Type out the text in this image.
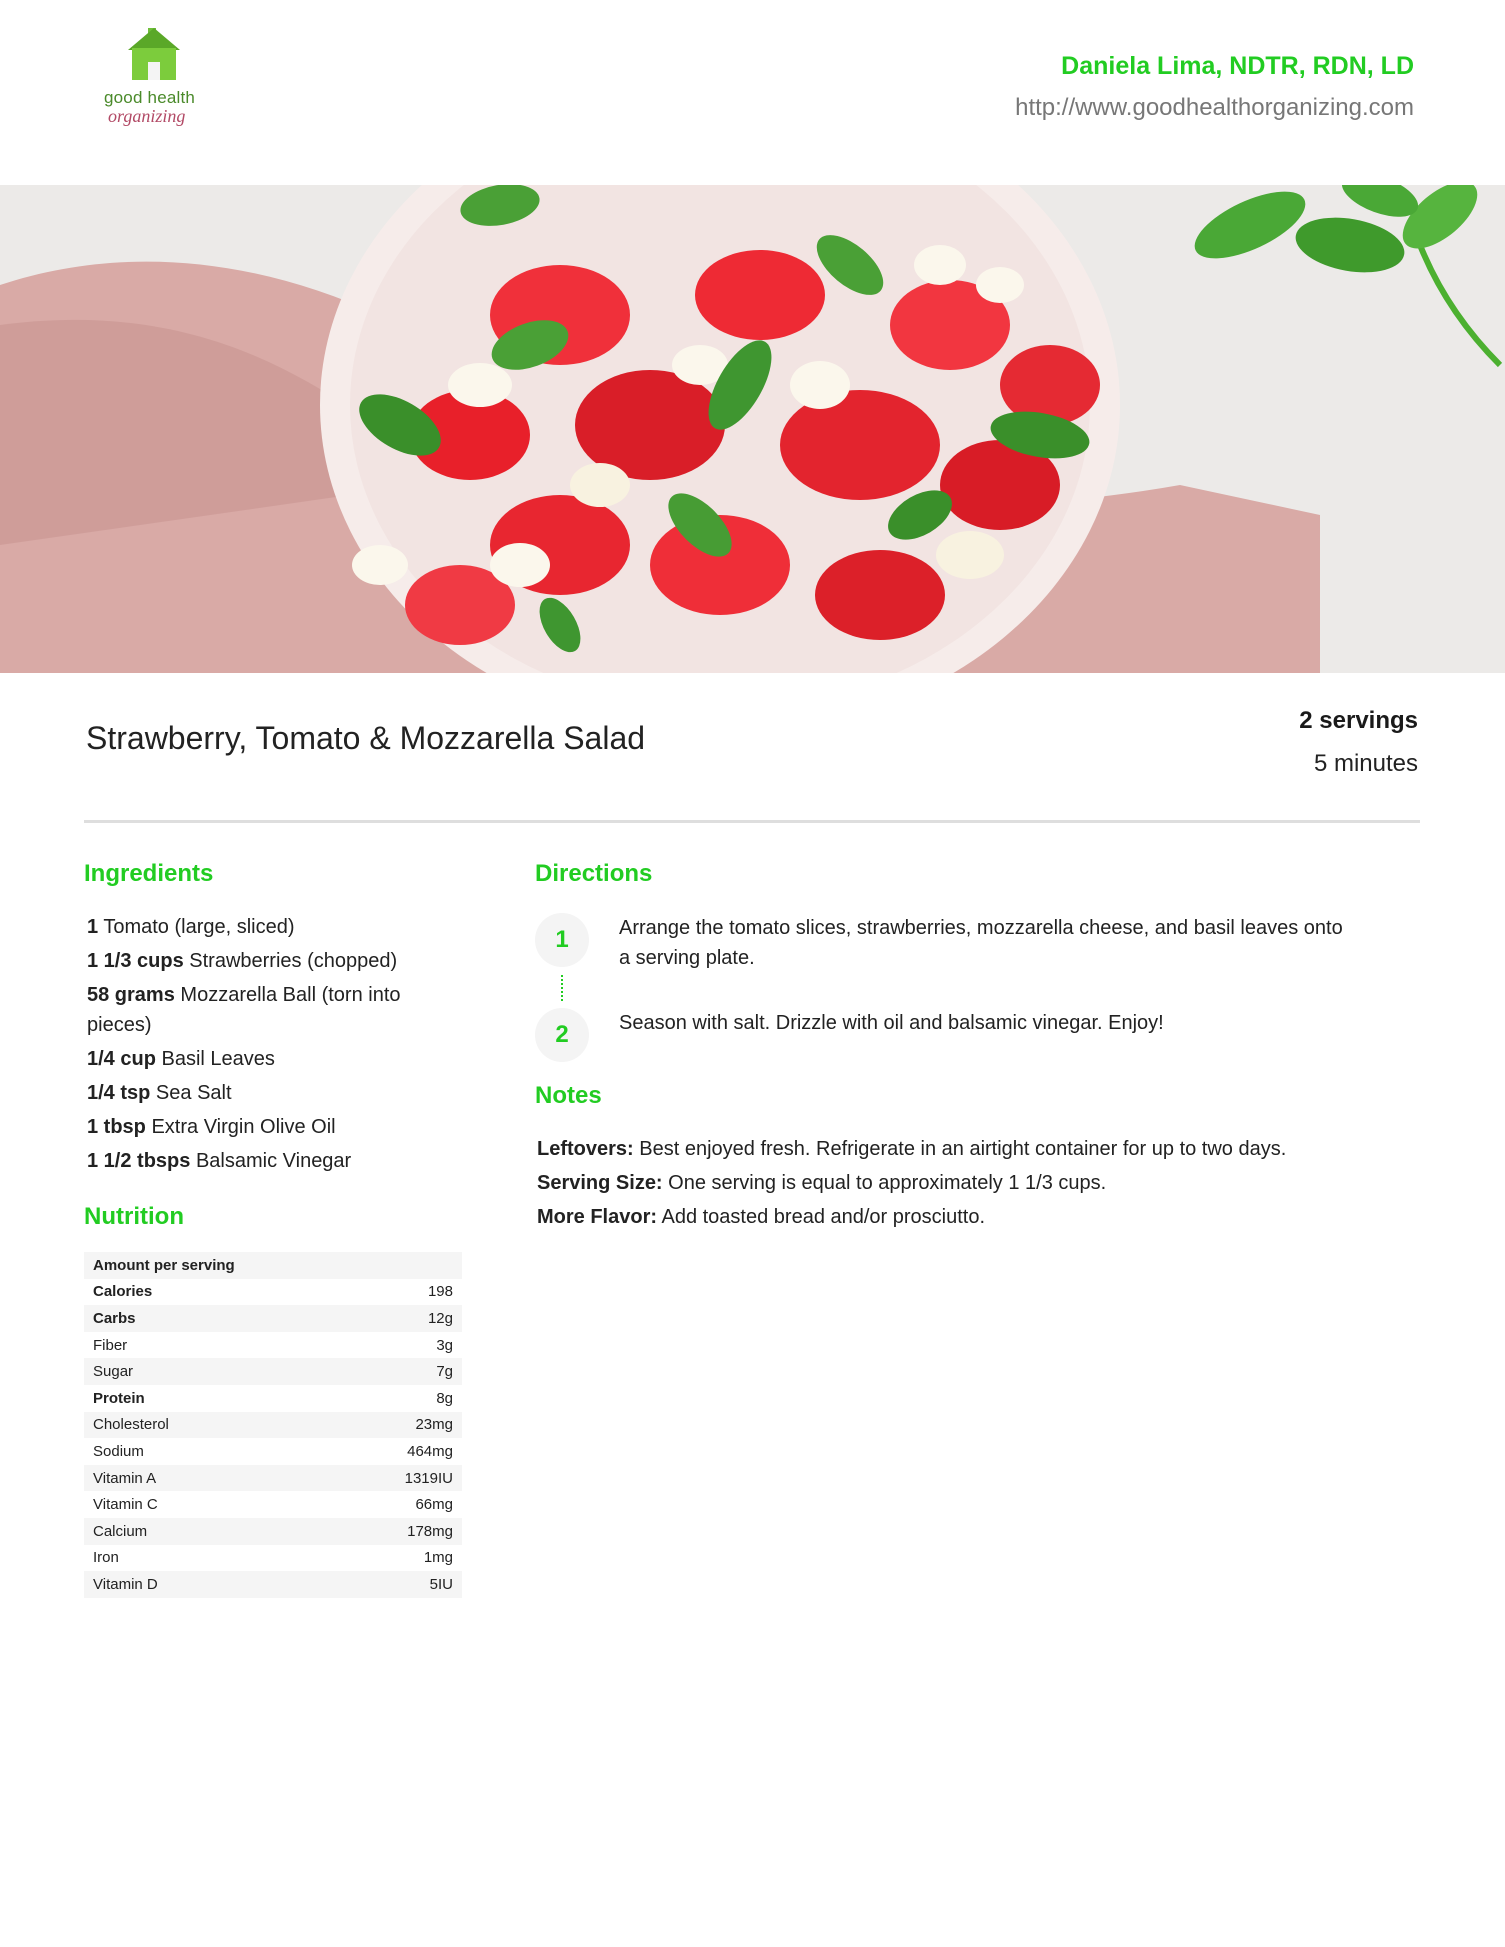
good health
organizing
Daniela Lima, NDTR, RDN, LD
http://www.goodhealthorganizing.com
Strawberry, Tomato & Mozzarella Salad	2 servings
5 minutes
Ingredients
1 Tomato (large, sliced)
1 1/3 cups Strawberries (chopped)
58 grams Mozzarella Ball (torn into pieces)
1/4 cup Basil Leaves
1/4 tsp Sea Salt
1 tbsp Extra Virgin Olive Oil
1 1/2 tbsps Balsamic Vinegar
Nutrition
Amount per serving	
Calories	198
Carbs	12g
Fiber	3g
Sugar	7g
Protein	8g
Cholesterol	23mg
Sodium	464mg
Vitamin A	1319IU
Vitamin C	66mg
Calcium	178mg
Iron	1mg
Vitamin D	5IU
Directions
1	Arrange the tomato slices, strawberries, mozzarella cheese, and basil leaves onto a serving plate.
2	Season with salt. Drizzle with oil and balsamic vinegar. Enjoy!
Notes
Leftovers: Best enjoyed fresh. Refrigerate in an airtight container for up to two days.
Serving Size: One serving is equal to approximately 1 1/3 cups.
More Flavor: Add toasted bread and/or prosciutto.
